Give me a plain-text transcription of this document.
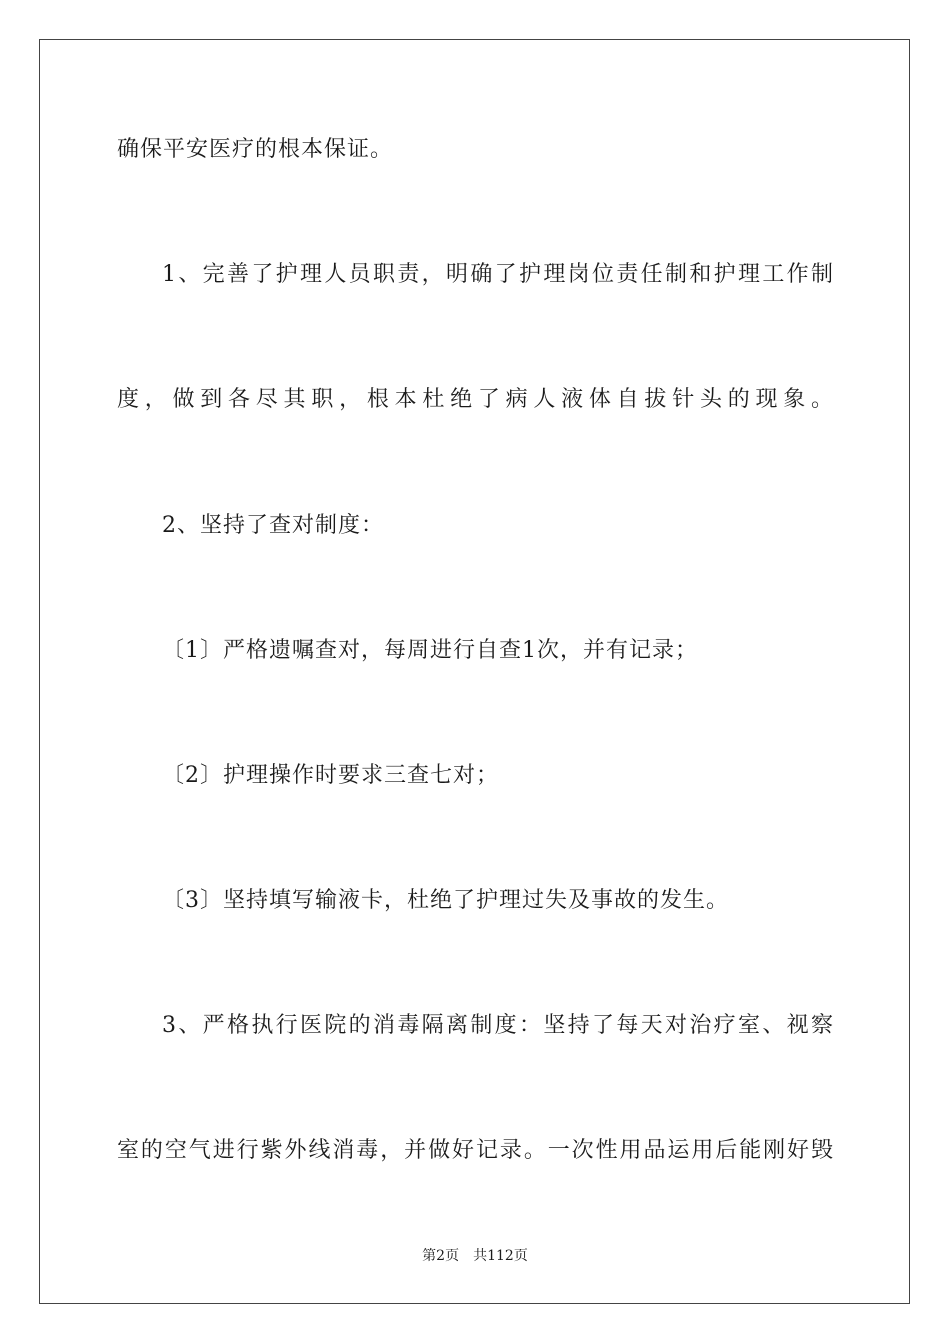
确保平安医疗的根本保证。
1、完善了护理人员职责，明确了护理岗位责任制和护理工作制
度，做到各尽其职，根本杜绝了病人液体自拔针头的现象。
2、坚持了查对制度：
〔1〕严格遗嘱查对，每周进行自查1次，并有记录；
〔2〕护理操作时要求三查七对；
〔3〕坚持填写输液卡，杜绝了护理过失及事故的发生。
3、严格执行医院的消毒隔离制度：坚持了每天对治疗室、视察
室的空气进行紫外线消毒，并做好记录。一次性用品运用后能刚好毁
第2页 共112页
